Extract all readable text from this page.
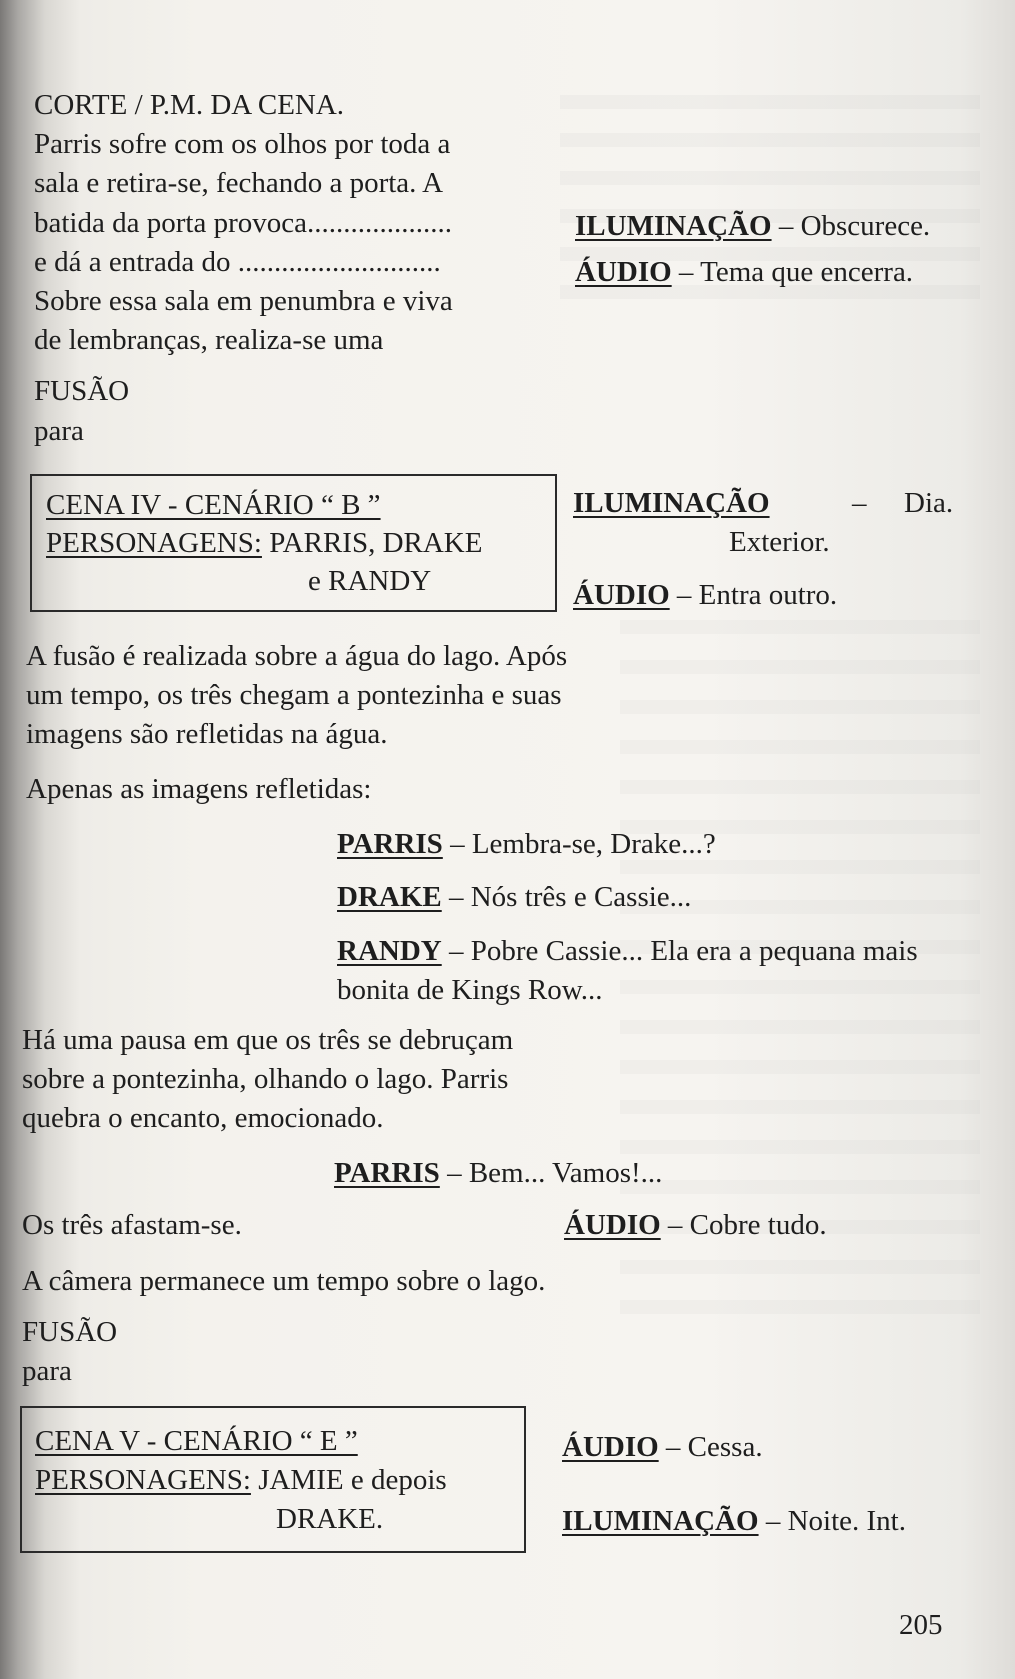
CORTE / P.M. DA CENA.

Parris sofre com os olhos por toda a

sala e retira-se, fechando a porta. A

batida da porta provoca....................

e dá a entrada do ............................

Sobre essa sala em penumbra e viva

de lembranças, realiza-se uma

FUSÃO

para

ILUMINAÇÃO – Obscurece.

ÁUDIO – Tema que encerra.

CENA IV - CENÁRIO “ B ”

PERSONAGENS: PARRIS, DRAKE

e RANDY

ILUMINAÇÃO	– Dia.

Exterior.

ÁUDIO – Entra outro.

A fusão é realizada sobre a água do lago. Após

um tempo, os três chegam a pontezinha e suas

imagens são refletidas na água.

Apenas as imagens refletidas:

PARRIS – Lembra-se, Drake...?

DRAKE – Nós três e Cassie...

RANDY – Pobre Cassie... Ela era a pequana mais

bonita de Kings Row...

Há uma pausa em que os três se debruçam

sobre a pontezinha, olhando o lago. Parris

quebra o encanto, emocionado.

PARRIS – Bem... Vamos!...

Os três afastam-se.	ÁUDIO – Cobre tudo.

A câmera permanece um tempo sobre o lago.

FUSÃO

para

CENA V - CENÁRIO “ E ”

PERSONAGENS: JAMIE e depois

DRAKE.

ÁUDIO – Cessa.

ILUMINAÇÃO – Noite. Int.

205
